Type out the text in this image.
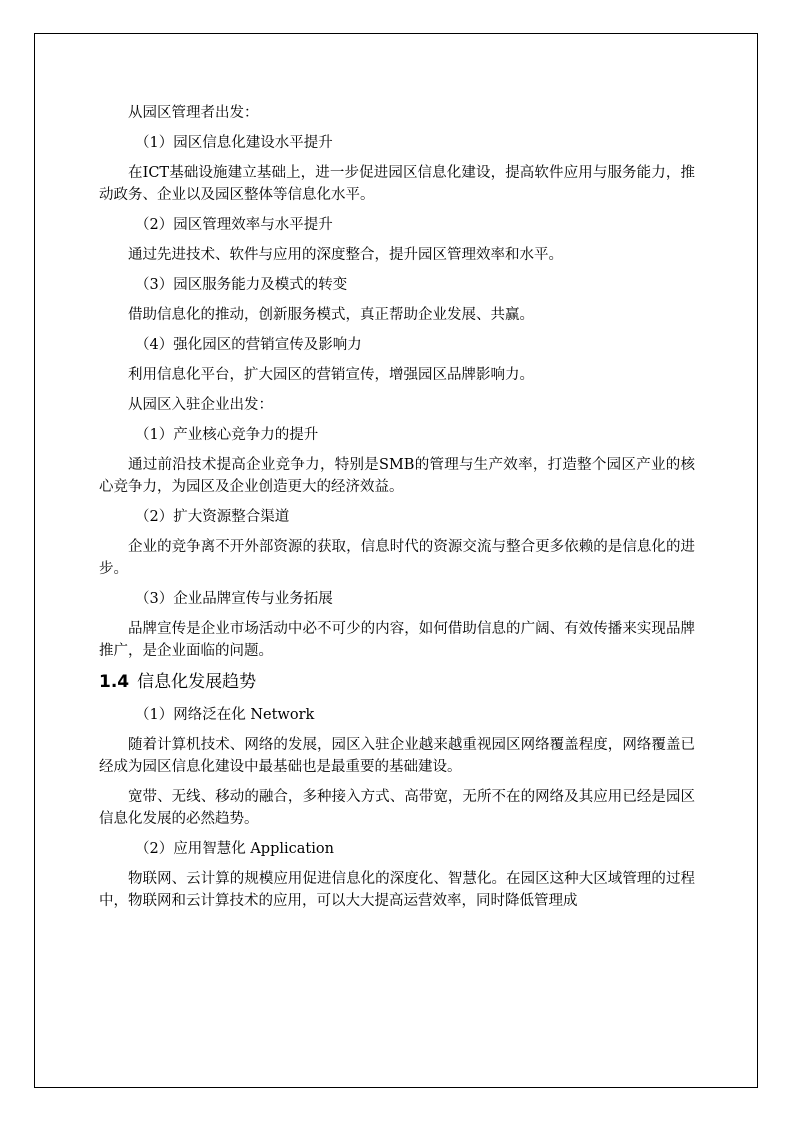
从园区管理者出发：

（1）园区信息化建设水平提升

在ICT基础设施建立基础上，进一步促进园区信息化建设，提高软件应用与服务能力，推动政务、企业以及园区整体等信息化水平。

（2）园区管理效率与水平提升

通过先进技术、软件与应用的深度整合，提升园区管理效率和水平。

（3）园区服务能力及模式的转变

借助信息化的推动，创新服务模式，真正帮助企业发展、共赢。

（4）强化园区的营销宣传及影响力

利用信息化平台，扩大园区的营销宣传，增强园区品牌影响力。

从园区入驻企业出发：

（1）产业核心竞争力的提升

通过前沿技术提高企业竞争力，特别是SMB的管理与生产效率，打造整个园区产业的核心竞争力，为园区及企业创造更大的经济效益。

（2）扩大资源整合渠道

企业的竞争离不开外部资源的获取，信息时代的资源交流与整合更多依赖的是信息化的进步。

（3）企业品牌宣传与业务拓展

品牌宣传是企业市场活动中必不可少的内容，如何借助信息的广阔、有效传播来实现品牌推广，是企业面临的问题。

1.4 信息化发展趋势

（1）网络泛在化 Network

随着计算机技术、网络的发展，园区入驻企业越来越重视园区网络覆盖程度，网络覆盖已经成为园区信息化建设中最基础也是最重要的基础建设。

宽带、无线、移动的融合，多种接入方式、高带宽，无所不在的网络及其应用已经是园区信息化发展的必然趋势。

（2）应用智慧化 Application

物联网、云计算的规模应用促进信息化的深度化、智慧化。在园区这种大区域管理的过程中，物联网和云计算技术的应用，可以大大提高运营效率，同时降低管理成
